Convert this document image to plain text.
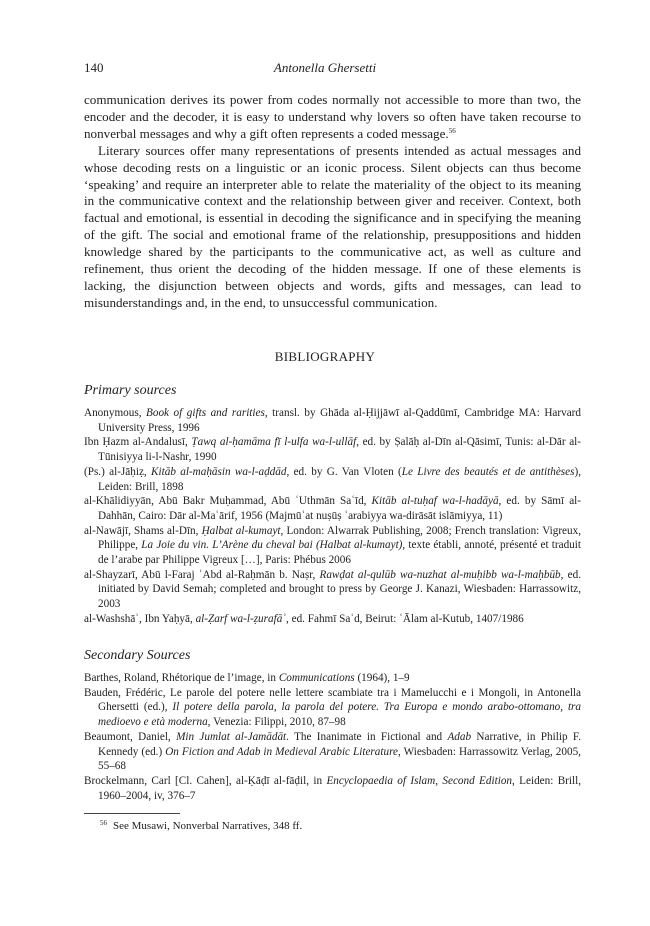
140	Antonella Ghersetti

communication derives its power from codes normally not accessible to more than two, the encoder and the decoder, it is easy to understand why lovers so often have taken recourse to nonverbal messages and why a gift often represents a coded message.$^{56}$

Literary sources offer many representations of presents intended as actual messages and whose decoding rests on a linguistic or an iconic process. Silent objects can thus become ‘speaking’ and require an interpreter able to relate the materiality of the object to its meaning in the communicative context and the relationship between giver and receiver. Context, both factual and emotional, is essential in decoding the significance and in specifying the meaning of the gift. The social and emotional frame of the relationship, presuppositions and hidden knowledge shared by the participants to the communicative act, as well as culture and refinement, thus orient the decoding of the hidden message. If one of these elements is lacking, the disjunction between objects and words, gifts and messages, can lead to misunderstandings and, in the end, to unsuccessful communication.

BIBLIOGRAPHY
Primary sources
Anonymous, Book of gifts and rarities, transl. by Ghāda al-Ḥijjāwī al-Qaddūmī, Cambridge MA: Harvard University Press, 1996
Ibn Ḥazm al-Andalusī, Ṭawq al-ḥamāma fī l-ulfa wa-l-ullāf, ed. by Ṣalāḥ al-Dīn al-Qāsimī, Tunis: al-Dār al-Tūnisiyya li-l-Nashr, 1990
(Ps.) al-Jāḥiẓ, Kitāb al-maḥāsin wa-l-aḍdād, ed. by G. Van Vloten (Le Livre des beautés et de antithèses), Leiden: Brill, 1898
al-Khālidiyyān, Abū Bakr Muḥammad, Abū ʿUthmān Saʿīd, Kitāb al-tuḥaf wa-l-hadāyā, ed. by Sāmī al-Dahhān, Cairo: Dār al-Maʿārif, 1956 (Majmūʿat nuṣūṣ ʿarabiyya wa-dirāsāt islāmiyya, 11)
al-Nawājī, Shams al-Dīn, Ḥalbat al-kumayt, London: Alwarrak Publishing, 2008; French translation: Vigreux, Philippe, La Joie du vin. L’Arène du cheval bai (Halbat al-kumayt), texte établi, annoté, présenté et traduit de l’arabe par Philippe Vigreux […], Paris: Phébus 2006
al-Shayzarī, Abū l-Faraj ʿAbd al-Raḥmān b. Naṣr, Rawḍat al-qulūb wa-nuzhat al-muḥibb wa-l-maḥbūb, ed. initiated by David Semah; completed and brought to press by George J. Kanazi, Wiesbaden: Harrassowitz, 2003
al-Washshāʾ, Ibn Yaḥyā, al-Ẓarf wa-l-ẓurafāʾ, ed. Fahmī Saʿd, Beirut: ʿĀlam al-Kutub, 1407/1986
Secondary Sources
Barthes, Roland, Rhétorique de l’image, in Communications (1964), 1–9
Bauden, Frédéric, Le parole del potere nelle lettere scambiate tra i Mamelucchi e i Mongoli, in Antonella Ghersetti (ed.), Il potere della parola, la parola del potere. Tra Europa e mondo arabo-ottomano, tra medioevo e età moderna, Venezia: Filippi, 2010, 87–98
Beaumont, Daniel, Min Jumlat al-Jamādāt. The Inanimate in Fictional and Adab Narrative, in Philip F. Kennedy (ed.) On Fiction and Adab in Medieval Arabic Literature, Wiesbaden: Harrassowitz Verlag, 2005, 55–68
Brockelmann, Carl [Cl. Cahen], al-Ḳāḍī al-fāḍil, in Encyclopaedia of Islam, Second Edition, Leiden: Brill, 1960–2004, iv, 376–7
$^{56}$ See Musawi, Nonverbal Narratives, 348 ff.
